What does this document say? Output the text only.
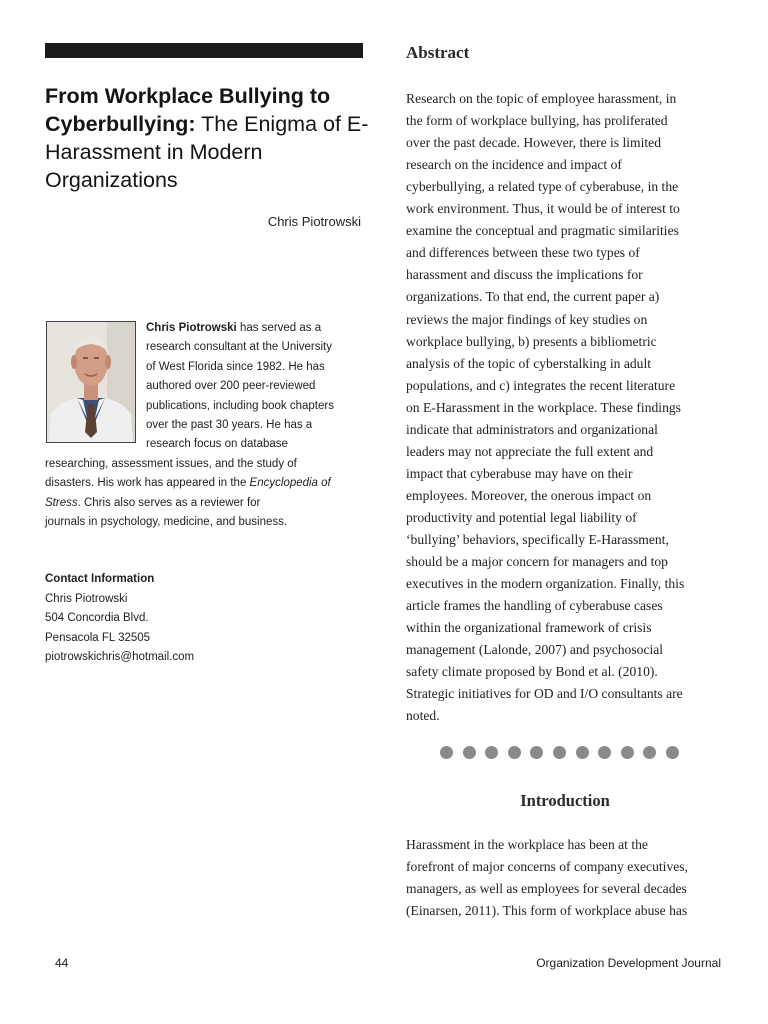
From Workplace Bullying to Cyberbullying: The Enigma of E-Harassment in Modern Organizations
Chris Piotrowski
Chris Piotrowski has served as a
research consultant at the University
of West Florida since 1982. He has
authored over 200 peer-reviewed
publications, including book chapters
over the past 30 years. He has a
research focus on database
researching, assessment issues, and the study of
disasters. His work has appeared in the Encyclopedia of
Stress. Chris also serves as a reviewer for
journals in psychology, medicine, and business.
Contact Information
Chris Piotrowski
504 Concordia Blvd.
Pensacola FL 32505
piotrowskichris@hotmail.com
Abstract
Research on the topic of employee harassment, in
the form of workplace bullying, has proliferated
over the past decade. However, there is limited
research on the incidence and impact of
cyberbullying, a related type of cyberabuse, in the
work environment. Thus, it would be of interest to
examine the conceptual and pragmatic similarities
and differences between these two types of
harassment and discuss the implications for
organizations. To that end, the current paper a)
reviews the major findings of key studies on
workplace bullying, b) presents a bibliometric
analysis of the topic of cyberstalking in adult
populations, and c) integrates the recent literature
on E-Harassment in the workplace. These findings
indicate that administrators and organizational
leaders may not appreciate the full extent and
impact that cyberabuse may have on their
employees. Moreover, the onerous impact on
productivity and potential legal liability of
‘bullying’ behaviors, specifically E-Harassment,
should be a major concern for managers and top
executives in the modern organization. Finally, this
article frames the handling of cyberabuse cases
within the organizational framework of crisis
management (Lalonde, 2007) and psychosocial
safety climate proposed by Bond et al. (2010).
Strategic initiatives for OD and I/O consultants are
noted.
Introduction
Harassment in the workplace has been at the
forefront of major concerns of company executives,
managers, as well as employees for several decades
(Einarsen, 2011). This form of workplace abuse has
44	Organization Development Journal
